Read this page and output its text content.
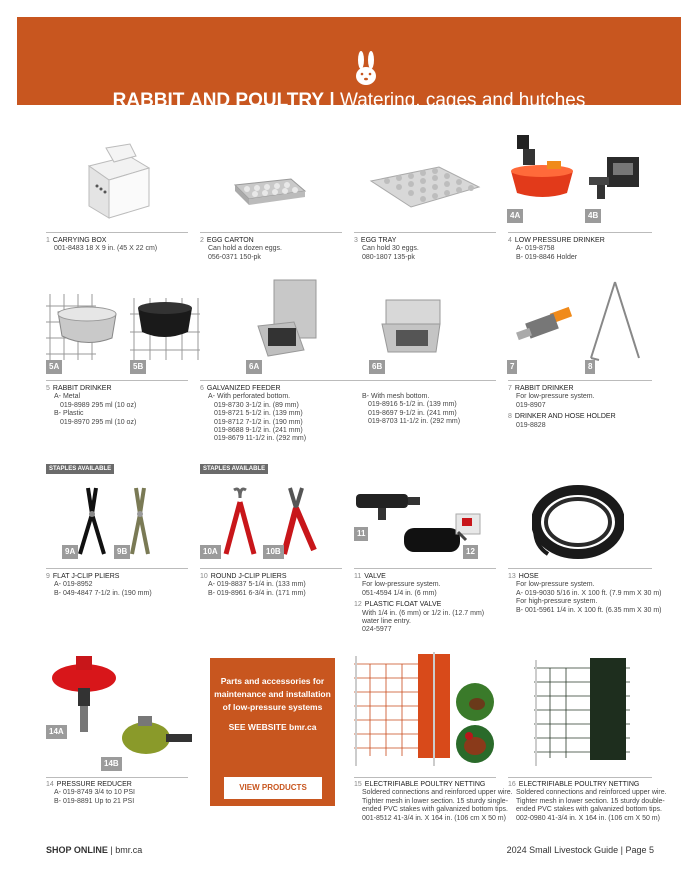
RABBIT AND POULTRY | Watering, cages and hutches
4A	4B
1 CARRYING BOX
001-8483 18 X 9 in. (45 X 22 cm)
2 EGG CARTON
Can hold a dozen eggs.
056-0371 150-pk
3 EGG TRAY
Can hold 30 eggs.
080-1807 135-pk
4 LOW PRESSURE DRINKER
A- 019-8758
B- 019-8846 Holder
5A	5B	6A	6B	7	8
5 RABBIT DRINKER
A- Metal
019-8989 295 ml (10 oz)
B- Plastic
019-8970 295 ml (10 oz)
6 GALVANIZED FEEDER
A- With perforated bottom.
019-8730 3-1/2 in. (89 mm)
019-8721 5-1/2 in. (139 mm)
019-8712 7-1/2 in. (190 mm)
019-8688 9-1/2 in. (241 mm)
019-8679 11-1/2 in. (292 mm)
B- With mesh bottom.
019-8916 5-1/2 in. (139 mm)
019-8697 9-1/2 in. (241 mm)
019-8703 11-1/2 in. (292 mm)
7 RABBIT DRINKER
For low-pressure system.
019-8907
8 DRINKER AND HOSE HOLDER
019-8828
STAPLES AVAILABLE	STAPLES AVAILABLE
9A	9B	10A	10B
11
12
9 FLAT J-CLIP PLIERS
A- 019-8952
B- 049-4847 7-1/2 in. (190 mm)
10 ROUND J-CLIP PLIERS
A- 019-8837 5-1/4 in. (133 mm)
B- 019-8961 6-3/4 in. (171 mm)
11 VALVE
For low-pressure system.
051-4594 1/4 in. (6 mm)
12 PLASTIC FLOAT VALVE
With 1/4 in. (6 mm) or 1/2 in. (12.7 mm)
water line entry.
024-5977
13 HOSE
For low-pressure system.
A- 019-9030 5/16 in. X 100 ft. (7.9 mm X 30 m)
For high-pressure system.
B- 001-5961 1/4 in. X 100 ft. (6.35 mm X 30 m)
14A
14B
Parts and accessories for
maintenance and installation
of low-pressure systems
SEE WEBSITE bmr.ca
VIEW PRODUCTS
14 PRESSURE REDUCER
A- 019-8749 3/4 to 10 PSI
B- 019-8891 Up to 21 PSI
15 ELECTRIFIABLE POULTRY NETTING
Soldered connections and reinforced upper wire.
Tighter mesh in lower section. 15 sturdy single-
ended PVC stakes with galvanized bottom tips.
001-8512 41-3/4 in. X 164 in. (106 cm X 50 m)
16 ELECTRIFIABLE POULTRY NETTING
Soldered connections and reinforced upper wire.
Tighter mesh in lower section. 15 sturdy double-
ended PVC stakes with galvanized bottom tips.
002-0980 41-3/4 in. X 164 in. (106 cm X 50 m)
SHOP ONLINE | bmr.ca	2024 Small Livestock Guide | Page 5
